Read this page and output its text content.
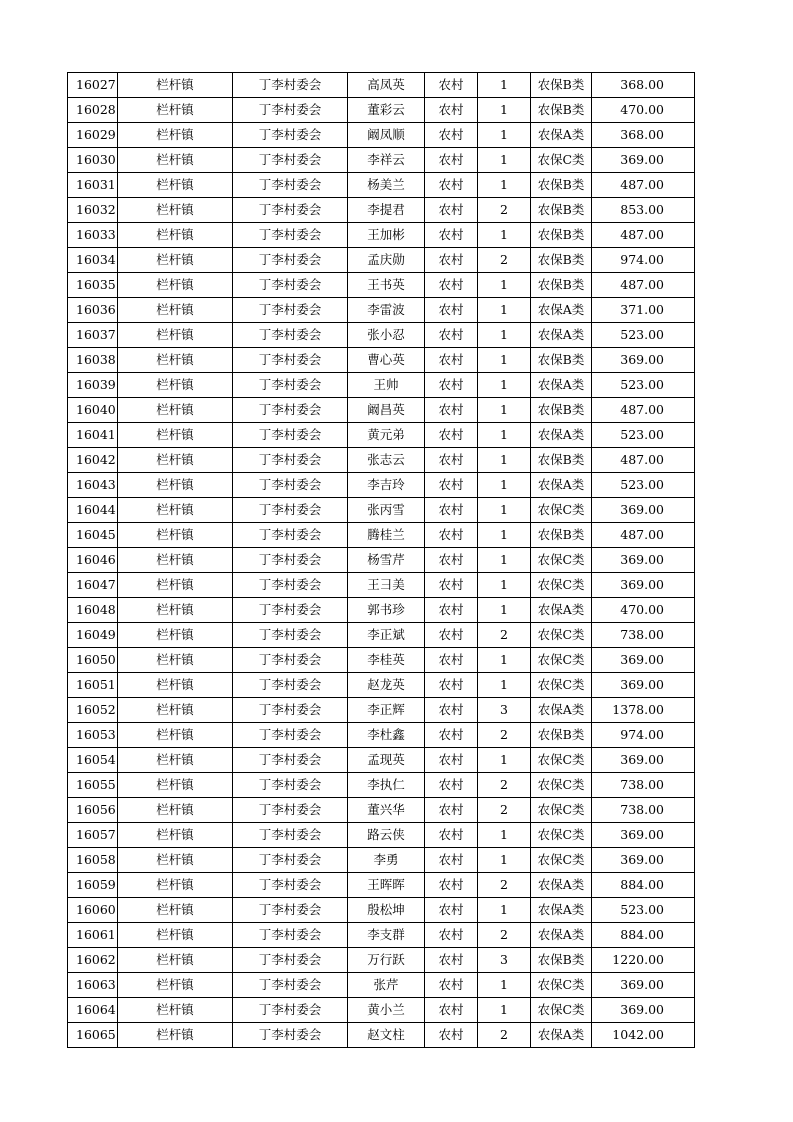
16027	栏杆镇	丁李村委会	高凤英	农村	1	农保B类	368.00
16028	栏杆镇	丁李村委会	董彩云	农村	1	农保B类	470.00
16029	栏杆镇	丁李村委会	阚凤顺	农村	1	农保A类	368.00
16030	栏杆镇	丁李村委会	李祥云	农村	1	农保C类	369.00
16031	栏杆镇	丁李村委会	杨美兰	农村	1	农保B类	487.00
16032	栏杆镇	丁李村委会	李提君	农村	2	农保B类	853.00
16033	栏杆镇	丁李村委会	王加彬	农村	1	农保B类	487.00
16034	栏杆镇	丁李村委会	孟庆勋	农村	2	农保B类	974.00
16035	栏杆镇	丁李村委会	王书英	农村	1	农保B类	487.00
16036	栏杆镇	丁李村委会	李雷波	农村	1	农保A类	371.00
16037	栏杆镇	丁李村委会	张小忍	农村	1	农保A类	523.00
16038	栏杆镇	丁李村委会	曹心英	农村	1	农保B类	369.00
16039	栏杆镇	丁李村委会	王帅	农村	1	农保A类	523.00
16040	栏杆镇	丁李村委会	阚昌英	农村	1	农保B类	487.00
16041	栏杆镇	丁李村委会	黄元弟	农村	1	农保A类	523.00
16042	栏杆镇	丁李村委会	张志云	农村	1	农保B类	487.00
16043	栏杆镇	丁李村委会	李吉玲	农村	1	农保A类	523.00
16044	栏杆镇	丁李村委会	张丙雪	农村	1	农保C类	369.00
16045	栏杆镇	丁李村委会	腾桂兰	农村	1	农保B类	487.00
16046	栏杆镇	丁李村委会	杨雪芹	农村	1	农保C类	369.00
16047	栏杆镇	丁李村委会	王彐美	农村	1	农保C类	369.00
16048	栏杆镇	丁李村委会	郭书珍	农村	1	农保A类	470.00
16049	栏杆镇	丁李村委会	李正斌	农村	2	农保C类	738.00
16050	栏杆镇	丁李村委会	李桂英	农村	1	农保C类	369.00
16051	栏杆镇	丁李村委会	赵龙英	农村	1	农保C类	369.00
16052	栏杆镇	丁李村委会	李正辉	农村	3	农保A类	1378.00
16053	栏杆镇	丁李村委会	李杜鑫	农村	2	农保B类	974.00
16054	栏杆镇	丁李村委会	孟现英	农村	1	农保C类	369.00
16055	栏杆镇	丁李村委会	李执仁	农村	2	农保C类	738.00
16056	栏杆镇	丁李村委会	董兴华	农村	2	农保C类	738.00
16057	栏杆镇	丁李村委会	路云侠	农村	1	农保C类	369.00
16058	栏杆镇	丁李村委会	李勇	农村	1	农保C类	369.00
16059	栏杆镇	丁李村委会	王晖晖	农村	2	农保A类	884.00
16060	栏杆镇	丁李村委会	殷松坤	农村	1	农保A类	523.00
16061	栏杆镇	丁李村委会	李支群	农村	2	农保A类	884.00
16062	栏杆镇	丁李村委会	万行跃	农村	3	农保B类	1220.00
16063	栏杆镇	丁李村委会	张芹	农村	1	农保C类	369.00
16064	栏杆镇	丁李村委会	黄小兰	农村	1	农保C类	369.00
16065	栏杆镇	丁李村委会	赵文柱	农村	2	农保A类	1042.00
